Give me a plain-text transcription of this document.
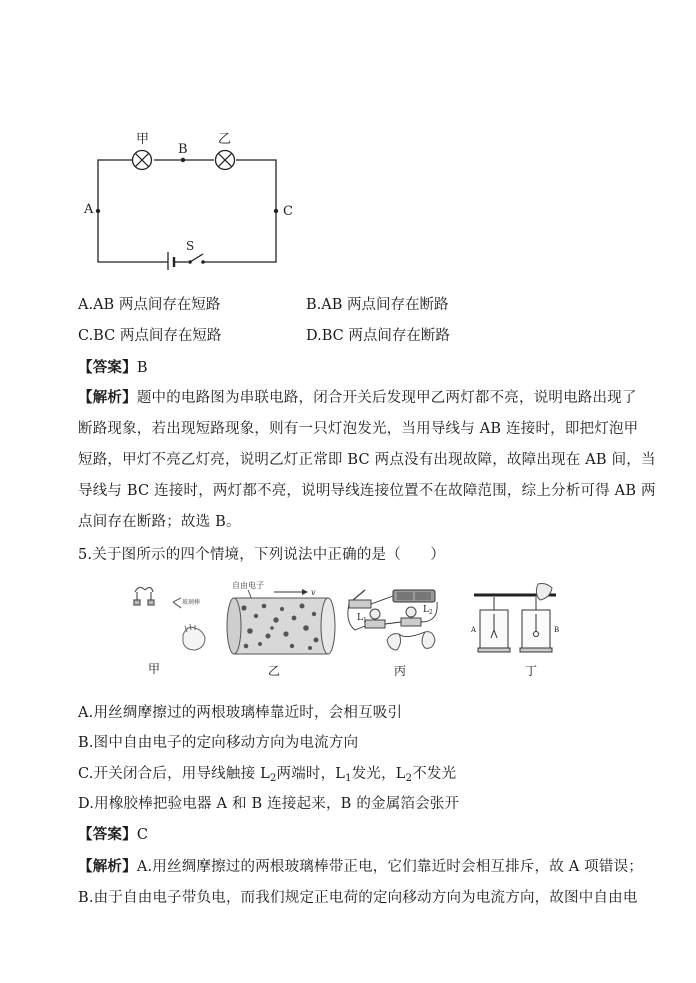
甲	乙
B
A	C
S
A.AB 两点间存在短路	B.AB 两点间存在断路
C.BC 两点间存在短路	D.BC 两点间存在断路
【答案】B
【解析】题中的电路图为串联电路，闭合开关后发现甲乙两灯都不亮，说明电路出现了
断路现象，若出现短路现象，则有一只灯泡发光，当用导线与 AB 连接时，即把灯泡甲
短路，甲灯不亮乙灯亮，说明乙灯正常即 BC 两点没有出现故障，故障出现在 AB 间，当
导线与 BC 连接时，两灯都不亮，说明导线连接位置不在故障范围，综上分析可得 AB 两
点间存在断路；故选 B。
5.关于图所示的四个情境，下列说法中正确的是（　　）
玻璃棒
甲
自由电子
v
乙
$L_1$
$L_2$
丙
A	B
丁
A.用丝绸摩擦过的两根玻璃棒靠近时，会相互吸引
B.图中自由电子的定向移动方向为电流方向
C.开关闭合后，用导线触接 $L_2$两端时，$L_1$发光，$L_2$不发光
D.用橡胶棒把验电器 A 和 B 连接起来，B 的金属箔会张开
【答案】C
【解析】A.用丝绸摩擦过的两根玻璃棒带正电，它们靠近时会相互排斥，故 A 项错误；
B.由于自由电子带负电，而我们规定正电荷的定向移动方向为电流方向，故图中自由电
